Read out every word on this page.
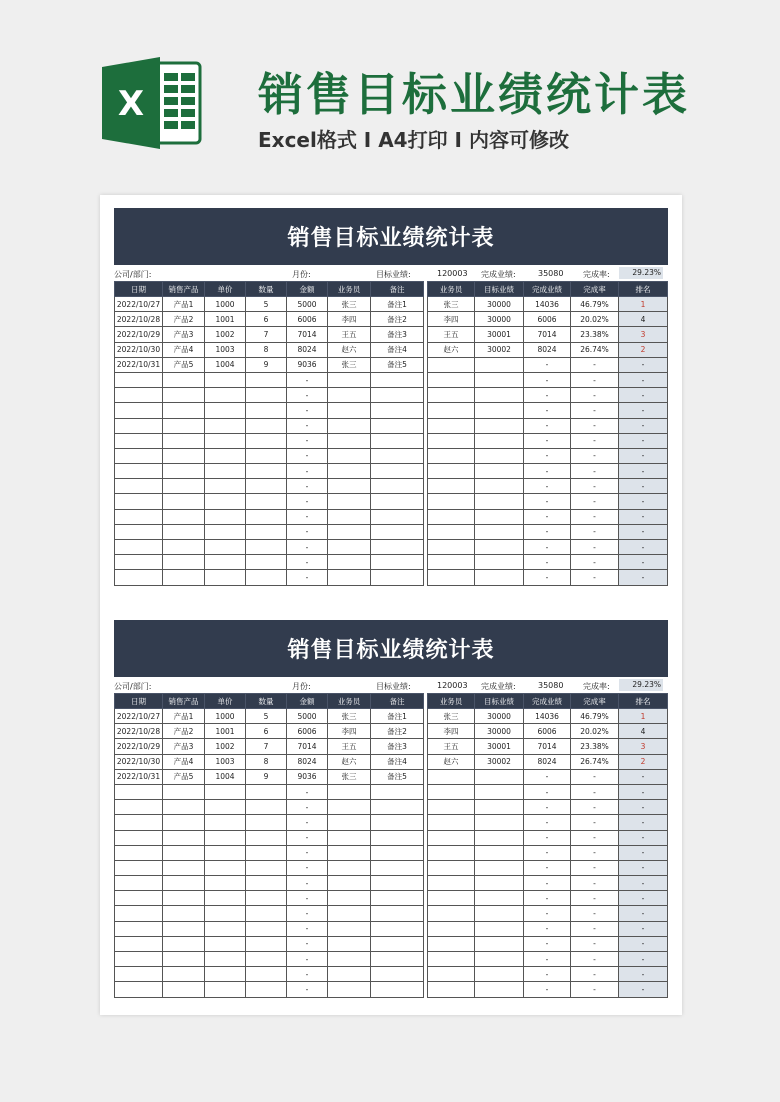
X	销售目标业绩统计表
Excel格式 I A4打印 I 内容可修改
销售目标业绩统计表
公司/部门:	月份:	目标业绩:	120003 完成业绩:	35080 完成率:	29.23%
日期	销售产品	单价	数量	金额	业务员	备注
2022/10/27	产品1	1000	5	5000	张三	备注1
2022/10/28	产品2	1001	6	6006	李四	备注2
2022/10/29	产品3	1002	7	7014	王五	备注3
2022/10/30	产品4	1003	8	8024	赵六	备注4
2022/10/31	产品5	1004	9	9036	张三	备注5
				-		
				-		
				-		
				-		
				-		
				-		
				-		
				-		
				-		
				-		
				-		
				-		
				-		
				-		
业务员	目标业绩	完成业绩	完成率	排名
张三	30000	14036	46.79%	1
李四	30000	6006	20.02%	4
王五	30001	7014	23.38%	3
赵六	30002	8024	26.74%	2
		-	-	-
		-	-	-
		-	-	-
		-	-	-
		-	-	-
		-	-	-
		-	-	-
		-	-	-
		-	-	-
		-	-	-
		-	-	-
		-	-	-
		-	-	-
		-	-	-
		-	-	-
销售目标业绩统计表
公司/部门:	月份:	目标业绩:	120003 完成业绩:	35080 完成率:	29.23%
日期	销售产品	单价	数量	金额	业务员	备注
2022/10/27	产品1	1000	5	5000	张三	备注1
2022/10/28	产品2	1001	6	6006	李四	备注2
2022/10/29	产品3	1002	7	7014	王五	备注3
2022/10/30	产品4	1003	8	8024	赵六	备注4
2022/10/31	产品5	1004	9	9036	张三	备注5
				-		
				-		
				-		
				-		
				-		
				-		
				-		
				-		
				-		
				-		
				-		
				-		
				-		
				-		
业务员	目标业绩	完成业绩	完成率	排名
张三	30000	14036	46.79%	1
李四	30000	6006	20.02%	4
王五	30001	7014	23.38%	3
赵六	30002	8024	26.74%	2
		-	-	-
		-	-	-
		-	-	-
		-	-	-
		-	-	-
		-	-	-
		-	-	-
		-	-	-
		-	-	-
		-	-	-
		-	-	-
		-	-	-
		-	-	-
		-	-	-
		-	-	-
